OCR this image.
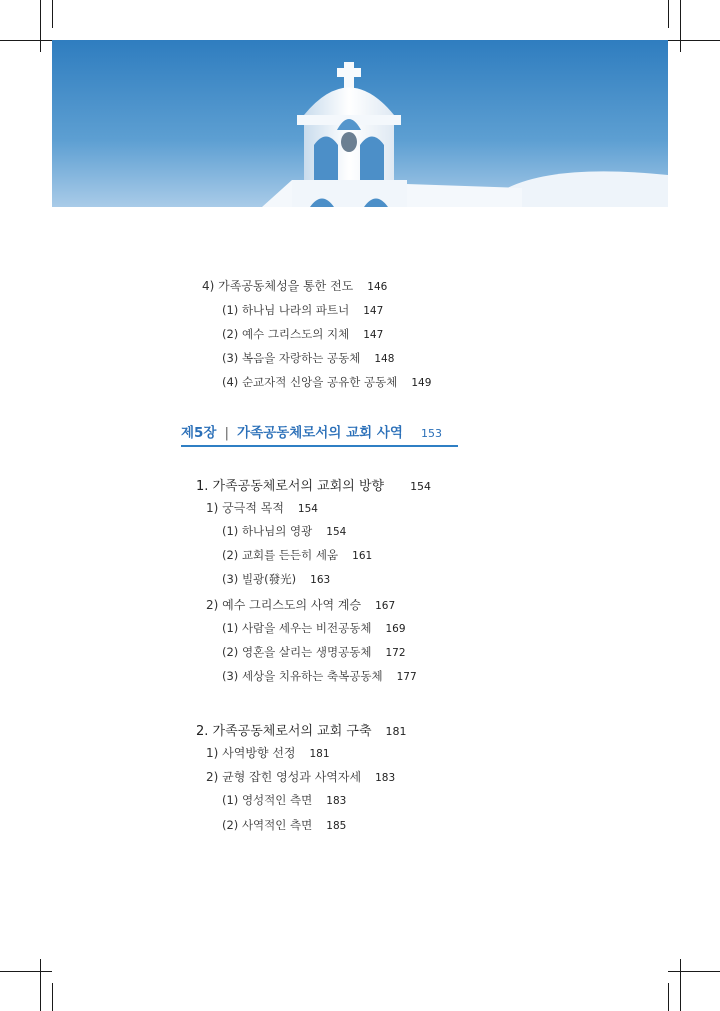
4) 가족공동체성을 통한 전도 146
(1) 하나님 나라의 파트너 147
(2) 예수 그리스도의 지체 147
(3) 복음을 자랑하는 공동체 148
(4) 순교자적 신앙을 공유한 공동체 149
제5장 | 가족공동체로서의 교회 사역 153
1. 가족공동체로서의 교회의 방향 154
1) 궁극적 목적 154
(1) 하나님의 영광 154
(2) 교회를 든든히 세움 161
(3) 빌광(發光) 163
2) 예수 그리스도의 사역 계승 167
(1) 사람을 세우는 비전공동체 169
(2) 영혼을 살리는 생명공동체 172
(3) 세상을 치유하는 축복공동체 177
2. 가족공동체로서의 교회 구축 181
1) 사역방향 선정 181
2) 균형 잡힌 영성과 사역자세 183
(1) 영성적인 측면 183
(2) 사역적인 측면 185
